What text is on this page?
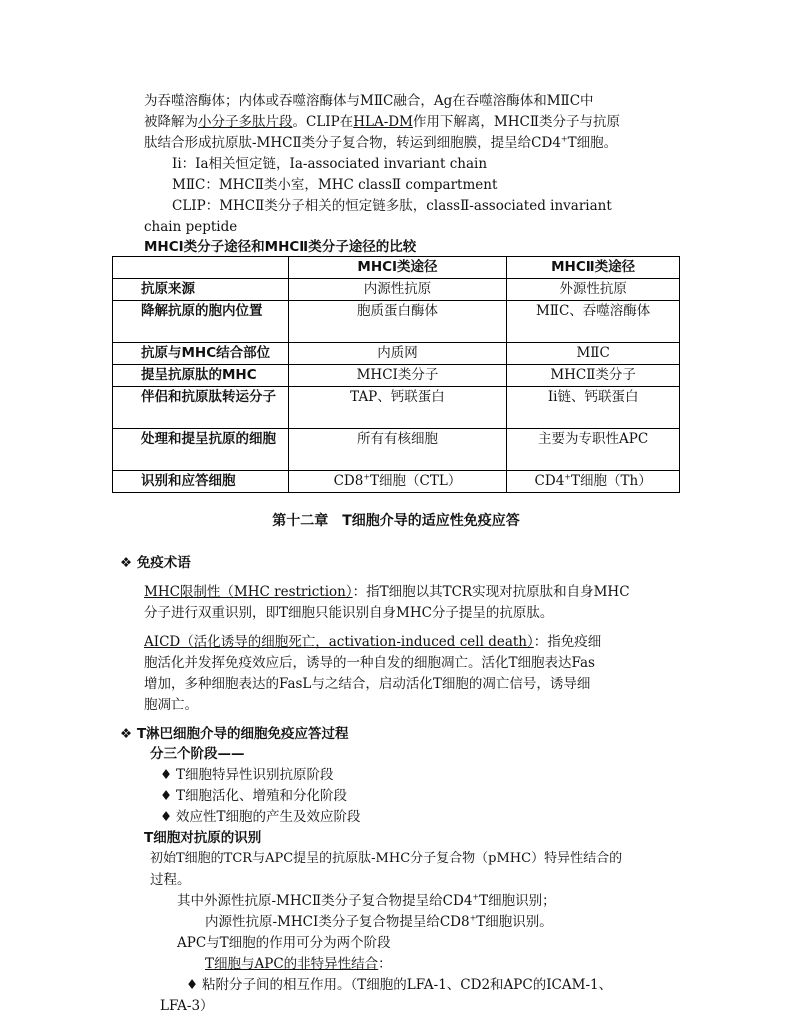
为吞噬溶酶体；内体或吞噬溶酶体与MⅡC融合，Ag在吞噬溶酶体和MⅡC中
被降解为小分子多肽片段。CLIP在HLA-DM作用下解离，MHCⅡ类分子与抗原
肽结合形成抗原肽-MHCⅡ类分子复合物，转运到细胞膜，提呈给CD4+T细胞。
Ii：Ia相关恒定链，Ia-associated invariant chain
MⅡC：MHCⅡ类小室，MHC classⅡ compartment
CLIP：MHCⅡ类分子相关的恒定链多肽，classⅡ-associated invariant
chain peptide
MHCⅠ类分子途径和MHCⅡ类分子途径的比较
	MHCⅠ类途径	MHCⅡ类途径
抗原来源	内源性抗原	外源性抗原
降解抗原的胞内位置	胞质蛋白酶体	MⅡC、吞噬溶酶体
抗原与MHC结合部位	内质网	MⅡC
提呈抗原肽的MHC	MHCⅠ类分子	MHCⅡ类分子
伴侣和抗原肽转运分子	TAP、钙联蛋白	Ii链、钙联蛋白
处理和提呈抗原的细胞	所有有核细胞	主要为专职性APC
识别和应答细胞	CD8+T细胞（CTL）	CD4+T细胞（Th）
第十二章　T细胞介导的适应性免疫应答
❖ 免疫术语
MHC限制性（MHC restriction）：指T细胞以其TCR实现对抗原肽和自身MHC
分子进行双重识别，即T细胞只能识别自身MHC分子提呈的抗原肽。
AICD（活化诱导的细胞死亡，activation-induced cell death）：指免疫细
胞活化并发挥免疫效应后，诱导的一种自发的细胞凋亡。活化T细胞表达Fas
增加，多种细胞表达的FasL与之结合，启动活化T细胞的凋亡信号，诱导细
胞凋亡。
❖ T淋巴细胞介导的细胞免疫应答过程
分三个阶段——
♦ T细胞特异性识别抗原阶段
♦ T细胞活化、增殖和分化阶段
♦ 效应性T细胞的产生及效应阶段
T细胞对抗原的识别
初始T细胞的TCR与APC提呈的抗原肽-MHC分子复合物（pMHC）特异性结合的
过程。
其中外源性抗原-MHCⅡ类分子复合物提呈给CD4+T细胞识别；
内源性抗原-MHCⅠ类分子复合物提呈给CD8+T细胞识别。
APC与T细胞的作用可分为两个阶段
T细胞与APC的非特异性结合：
♦ 粘附分子间的相互作用。（T细胞的LFA-1、CD2和APC的ICAM-1、
LFA-3）
